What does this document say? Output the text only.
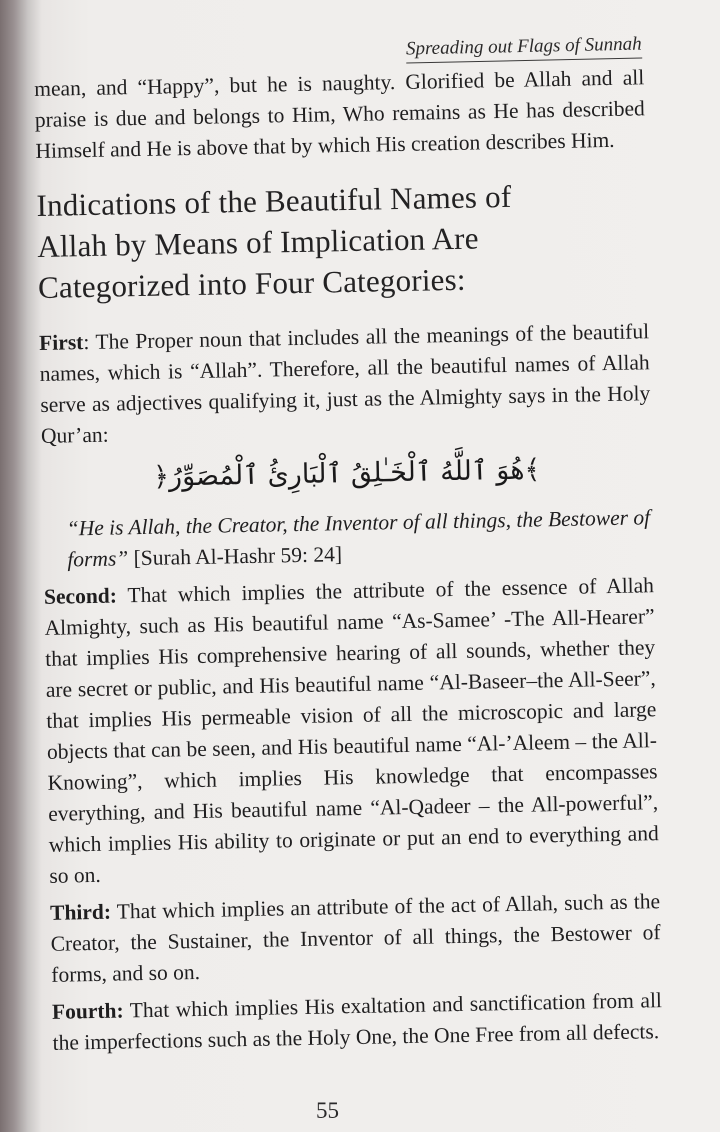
Spreading out Flags of Sunnah

mean, and “Happy”, but he is naughty. Glorified be Allah and all praise is due and belongs to Him, Who remains as He has described Himself and He is above that by which His creation describes Him.

Indications of the Beautiful Names of
Allah by Means of Implication Are
Categorized into Four Categories:

First: The Proper noun that includes all the meanings of the beautiful names, which is “Allah”. Therefore, all the beautiful names of Allah serve as adjectives qualifying it, just as the Almighty says in the Holy Qur’an:

﴾هُوَ ٱللَّهُ ٱلْخَـٰلِقُ ٱلْبَارِئُ ٱلْمُصَوِّرُ﴿

“He is Allah, the Creator, the Inventor of all things, the Bestower of forms” [Surah Al-Hashr 59: 24]

Second: That which implies the attribute of the essence of Allah Almighty, such as His beautiful name “As-Samee’ -The All-Hearer” that implies His comprehensive hearing of all sounds, whether they are secret or public, and His beautiful name “Al-Baseer–the All-Seer”, that implies His permeable vision of all the microscopic and large objects that can be seen, and His beautiful name “Al-’Aleem – the All-Knowing”, which implies His knowledge that encompasses everything, and His beautiful name “Al-Qadeer – the All-powerful”, which implies His ability to originate or put an end to everything and so on.

Third: That which implies an attribute of the act of Allah, such as the Creator, the Sustainer, the Inventor of all things, the Bestower of forms, and so on.

Fourth: That which implies His exaltation and sanctification from all the imperfections such as the Holy One, the One Free from all defects.

55
